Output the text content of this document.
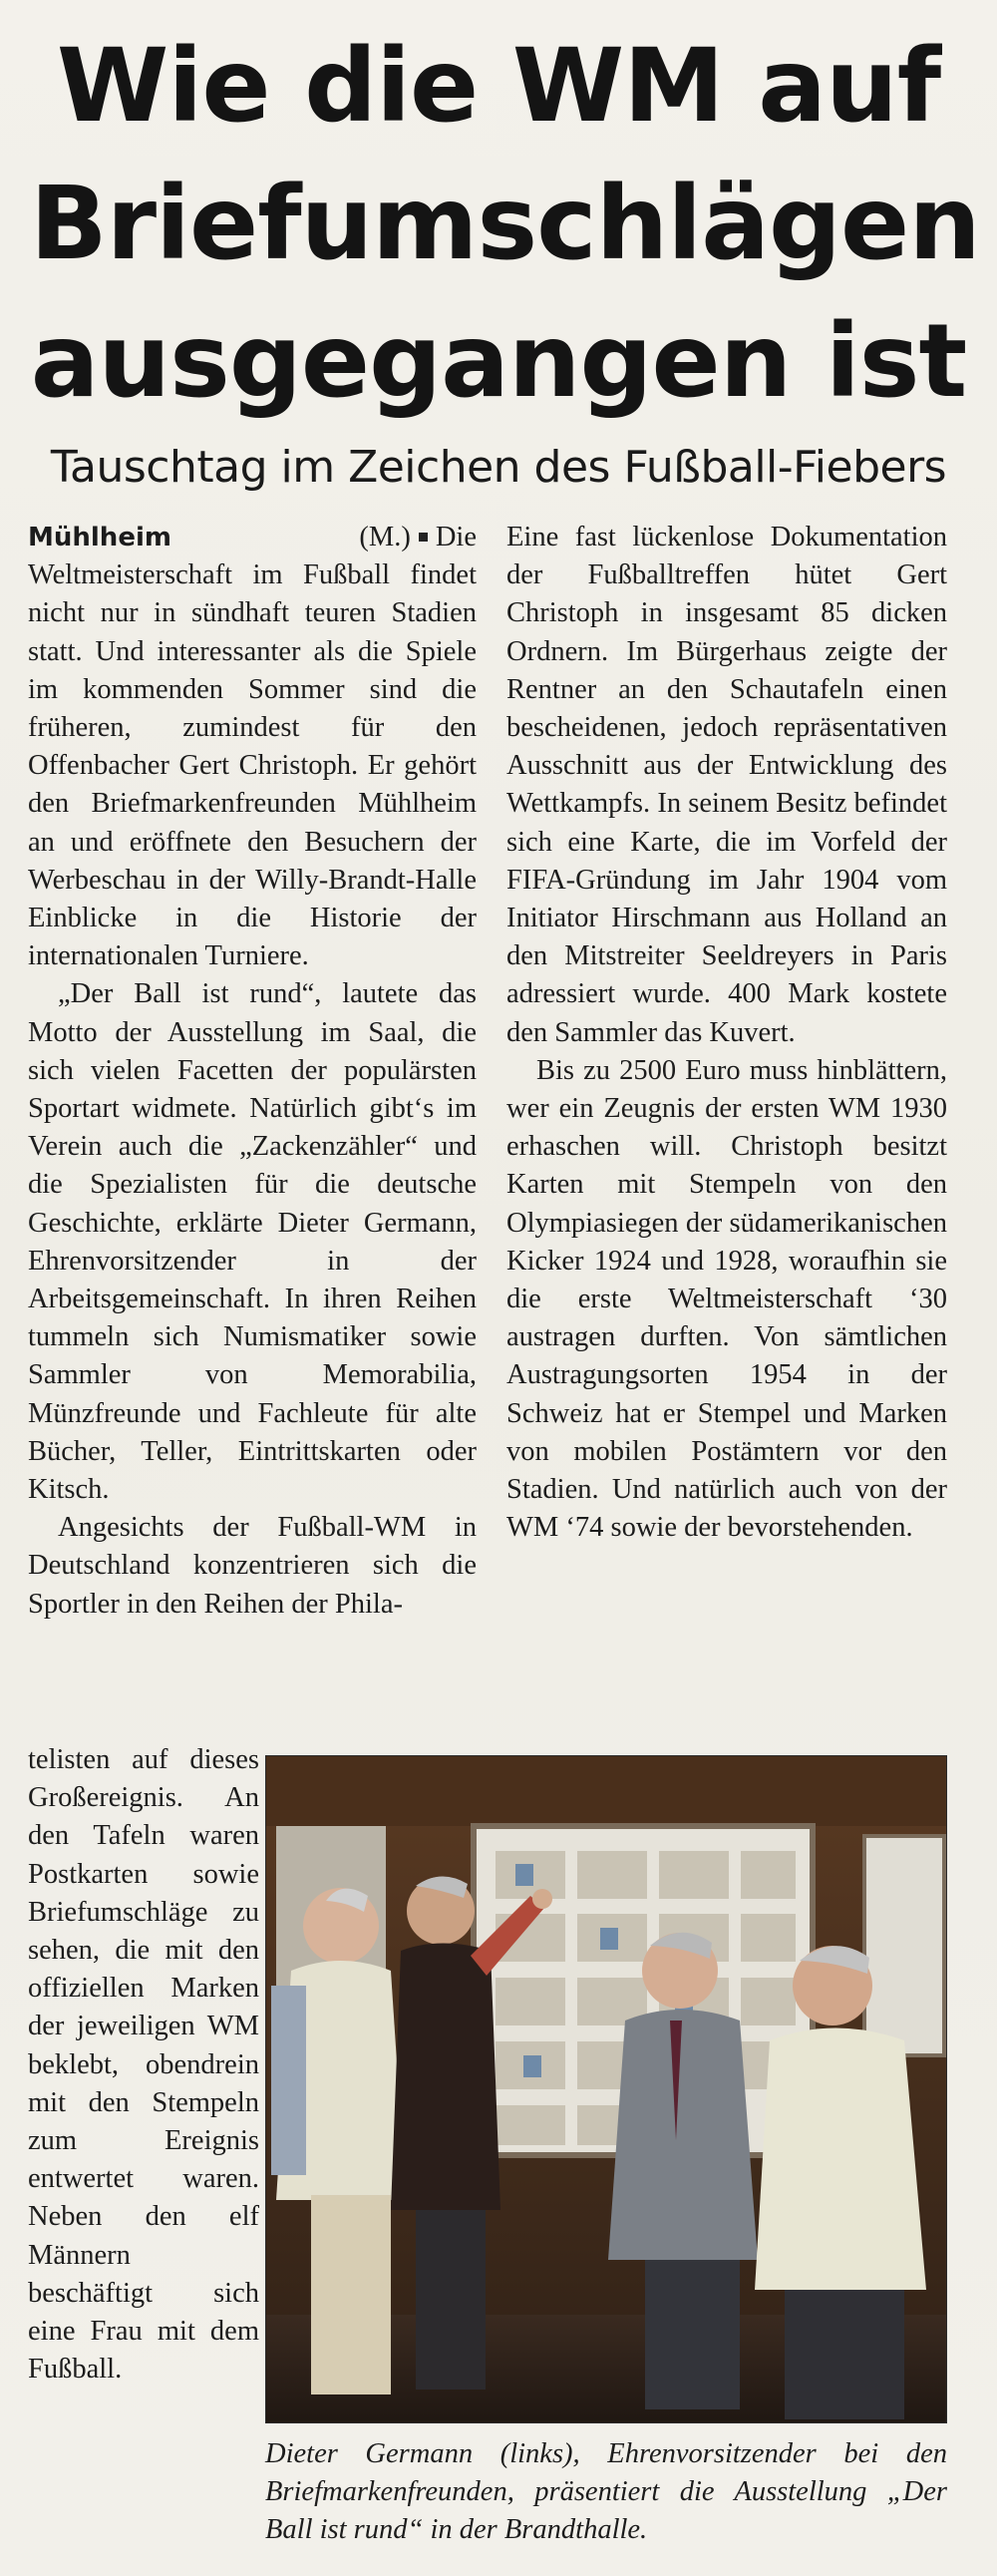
Wie die WM auf
Briefumschlägen
ausgegangen ist
Tauschtag im Zeichen des Fußball-Fiebers

Mühlheim	(M.) Die Weltmeisterschaft im Fußball findet nicht nur in sündhaft teuren Stadien statt. Und interessanter als die Spiele im kommenden Sommer sind die früheren, zumindest für den Offenbacher Gert Christoph. Er gehört den Briefmarkenfreunden Mühlheim an und eröffnete den Besuchern der Werbeschau in der Willy-Brandt-Halle Einblicke in die Historie der internationalen Turniere.

„Der Ball ist rund“, lautete das Motto der Ausstellung im Saal, die sich vielen Facetten der populärsten Sportart widmete. Natürlich gibt‘s im Verein auch die „Zackenzähler“ und die Spezialisten für die deutsche Geschichte, erklärte Dieter Germann, Ehrenvorsitzender in der Arbeitsgemeinschaft. In ihren Reihen tummeln sich Numismatiker sowie Sammler von Memorabilia, Münzfreunde und Fachleute für alte Bücher, Teller, Eintrittskarten oder Kitsch.

Angesichts der Fußball-WM in Deutschland konzentrieren sich die Sportler in den Reihen der Phila-

telisten auf dieses Großereignis. An den Tafeln waren Postkarten sowie Briefumschläge zu sehen, die mit den offiziellen Marken der jeweiligen WM beklebt, obendrein mit den Stempeln zum Ereignis entwertet waren. Neben den elf Männern beschäftigt sich eine Frau mit dem Fußball.

Eine fast lückenlose Dokumentation der Fußballtreffen hütet Gert Christoph in insgesamt 85 dicken Ordnern. Im Bürgerhaus zeigte der Rentner an den Schautafeln einen bescheidenen, jedoch repräsentativen Ausschnitt aus der Entwicklung des Wettkampfs. In seinem Besitz befindet sich eine Karte, die im Vorfeld der FIFA-Gründung im Jahr 1904 vom Initiator Hirschmann aus Holland an den Mitstreiter Seeldreyers in Paris adressiert wurde. 400 Mark kostete den Sammler das Kuvert.

Bis zu 2500 Euro muss hinblättern, wer ein Zeugnis der ersten WM 1930 erhaschen will. Christoph besitzt Karten mit Stempeln von den Olympiasiegen der südamerikanischen Kicker 1924 und 1928, woraufhin sie die erste Weltmeisterschaft ‘30 austragen durften. Von sämtlichen Austragungsorten 1954 in der Schweiz hat er Stempel und Marken von mobilen Postämtern vor den Stadien. Und natürlich auch von der WM ‘74 sowie der bevorstehenden.

Dieter Germann (links), Ehrenvorsitzender bei den Briefmarkenfreunden, präsentiert die Ausstellung „Der Ball ist rund“ in der Brandthalle.
